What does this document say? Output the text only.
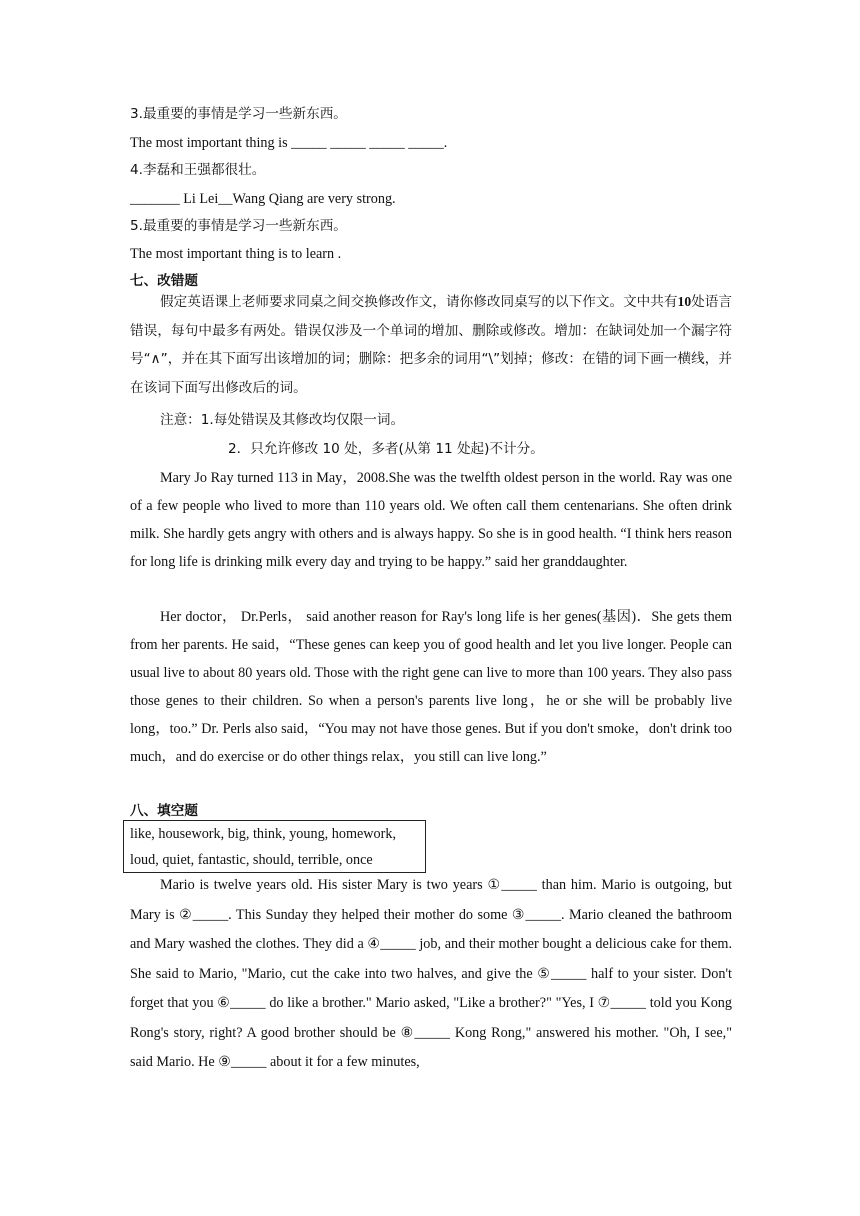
3.最重要的事情是学习一些新东西。
The most important thing is _____ _____ _____ _____.
4.李磊和王强都很壮。
_______ Li Lei__Wang Qiang are very strong.
5.最重要的事情是学习一些新东西。
The most important thing is to learn .
七、改错题

假定英语课上老师要求同桌之间交换修改作文，请你修改同桌写的以下作文。文中共有10处语言错误，每句中最多有两处。错误仅涉及一个单词的增加、删除或修改。增加：在缺词处加一个漏字符号“∧”，并在其下面写出该增加的词；删除：把多余的词用“\”划掉；修改：在错的词下画一横线，并在该词下面写出修改后的词。

注意：1.每处错误及其修改均仅限一词。
2．只允许修改 10 处，多者(从第 11 处起)不计分。

Mary Jo Ray turned 113 in May，2008.She was the twelfth oldest person in the world. Ray was one of a few people who lived to more than 110 years old. We often call them centenarians. She often drink milk. She hardly gets angry with others and is always happy. So she is in good health. “I think hers reason for long life is drinking milk every day and trying to be happy.” said her granddaughter.

Her doctor， Dr.Perls， said another reason for Ray's long life is her genes(基因)．She gets them from her parents. He said，“These genes can keep you of good health and let you live longer. People can usual live to about 80 years old. Those with the right gene can live to more than 100 years. They also pass those genes to their children. So when a person's parents live long，he or she will be probably live long，too.” Dr. Perls also said，“You may not have those genes. But if you don't smoke，don't drink too much，and do exercise or do other things relax，you still can live long.”

八、填空题
like, housework, big, think, young, homework,
loud, quiet, fantastic, should, terrible, once

Mario is twelve years old. His sister Mary is two years ①_____ than him. Mario is outgoing, but Mary is ②_____. This Sunday they helped their mother do some ③_____. Mario cleaned the bathroom and Mary washed the clothes. They did a ④_____ job, and their mother bought a delicious cake for them. She said to Mario, "Mario, cut the cake into two halves, and give the ⑤_____ half to your sister. Don't forget that you ⑥_____ do like a brother." Mario asked, "Like a brother?" "Yes, I ⑦_____ told you Kong Rong's story, right? A good brother should be ⑧_____ Kong Rong," answered his mother. "Oh, I see," said Mario. He ⑨_____ about it for a few minutes,
